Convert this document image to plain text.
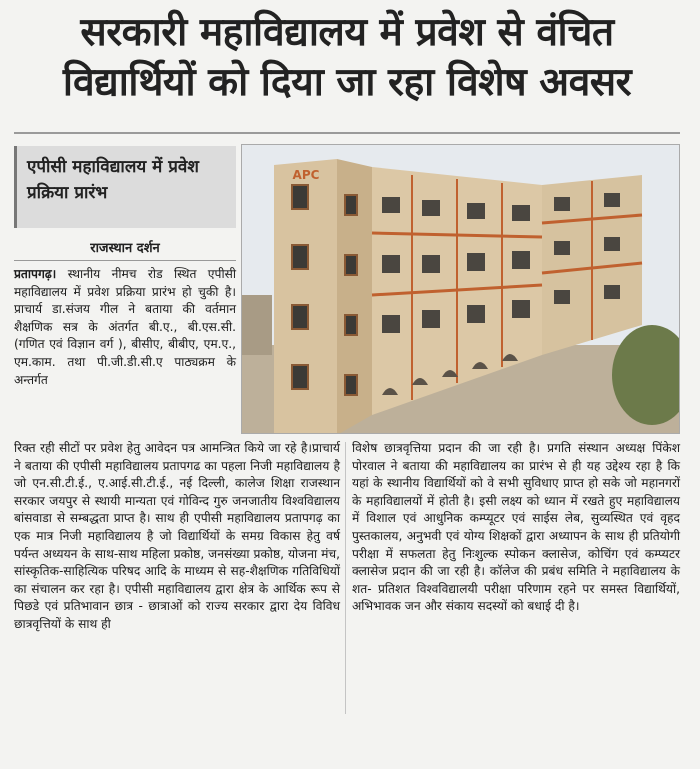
सरकारी महाविद्यालय में प्रवेश से वंचित
विद्यार्थियों को दिया जा रहा विशेष अवसर
एपीसी महाविद्यालय में प्रवेश प्रक्रिया प्रारंभ
राजस्थान दर्शन

प्रतापगढ़। स्थानीय नीमच रोड स्थित एपीसी महाविद्यालय में प्रवेश प्रक्रिया प्रारंभ हो चुकी है। प्राचार्य डा.संजय गील ने बताया की वर्तमान शैक्षणिक सत्र के अंतर्गत बी.ए., बी.एस.सी. (गणित एवं विज्ञान वर्ग ), बीसीए, बीबीए, एम.ए., एम.काम. तथा पी.जी.डी.सी.ए पाठ्यक्रम के अन्तर्गत

APC

रिक्त रही सीटों पर प्रवेश हेतु आवेदन पत्र आमन्त्रित किये जा रहे है।प्राचार्य ने बताया की एपीसी महाविद्यालय प्रतापगढ का पहला निजी महाविद्यालय है जो एन.सी.टी.ई., ए.आई.सी.टी.ई., नई दिल्ली, कालेज शिक्षा राजस्थान सरकार जयपुर से स्थायी मान्यता एवं गोविन्द गुरु जनजातीय विश्वविद्यालय बांसवाडा से सम्बद्धता प्राप्त है। साथ ही एपीसी महाविद्यालय प्रतापगढ़ का एक मात्र निजी महाविद्यालय है जो विद्यार्थियों के समग्र विकास हेतु वर्ष पर्यन्त अध्ययन के साथ-साथ महिला प्रकोष्ठ, जनसंख्या प्रकोष्ठ, योजना मंच, सांस्कृतिक-साहित्यिक परिषद आदि के माध्यम से सह-शैक्षणिक गतिविधियों का संचालन कर रहा है। एपीसी महाविद्यालय द्वारा क्षेत्र के आर्थिक रूप से पिछडे एवं प्रतिभावान छात्र - छात्राओं को राज्य सरकार द्वारा देय विविध छात्रवृत्तियों के साथ ही

विशेष छात्रवृत्तिया प्रदान की जा रही है। प्रगति संस्थान अध्यक्ष पिंकेश पोरवाल ने बताया की महाविद्यालय का प्रारंभ से ही यह उद्देश्य रहा है कि यहां के स्थानीय विद्यार्थियों को वे सभी सुविधाए प्राप्त हो सके जो महानगरों के महाविद्यालयों में होती है। इसी लक्ष्य को ध्यान में रखते हुए महाविद्यालय में विशाल एवं आधुनिक कम्प्यूटर एवं साईस लेब, सुव्यस्थित एवं वृहद पुस्तकालय, अनुभवी एवं योग्य शिक्षकों द्वारा अध्यापन के साथ ही प्रतियोगी परीक्षा में सफलता हेतु निःशुल्क स्पोकन क्लासेज, कोचिंग एवं कम्प्यटर क्लासेज प्रदान की जा रही है। कॉलेज की प्रबंध समिति ने महाविद्यालय के शत- प्रतिशत विश्वविद्यालयी परीक्षा परिणाम रहने पर समस्त विद्यार्थियों, अभिभावक जन और संकाय सदस्यों को बधाई दी है।
